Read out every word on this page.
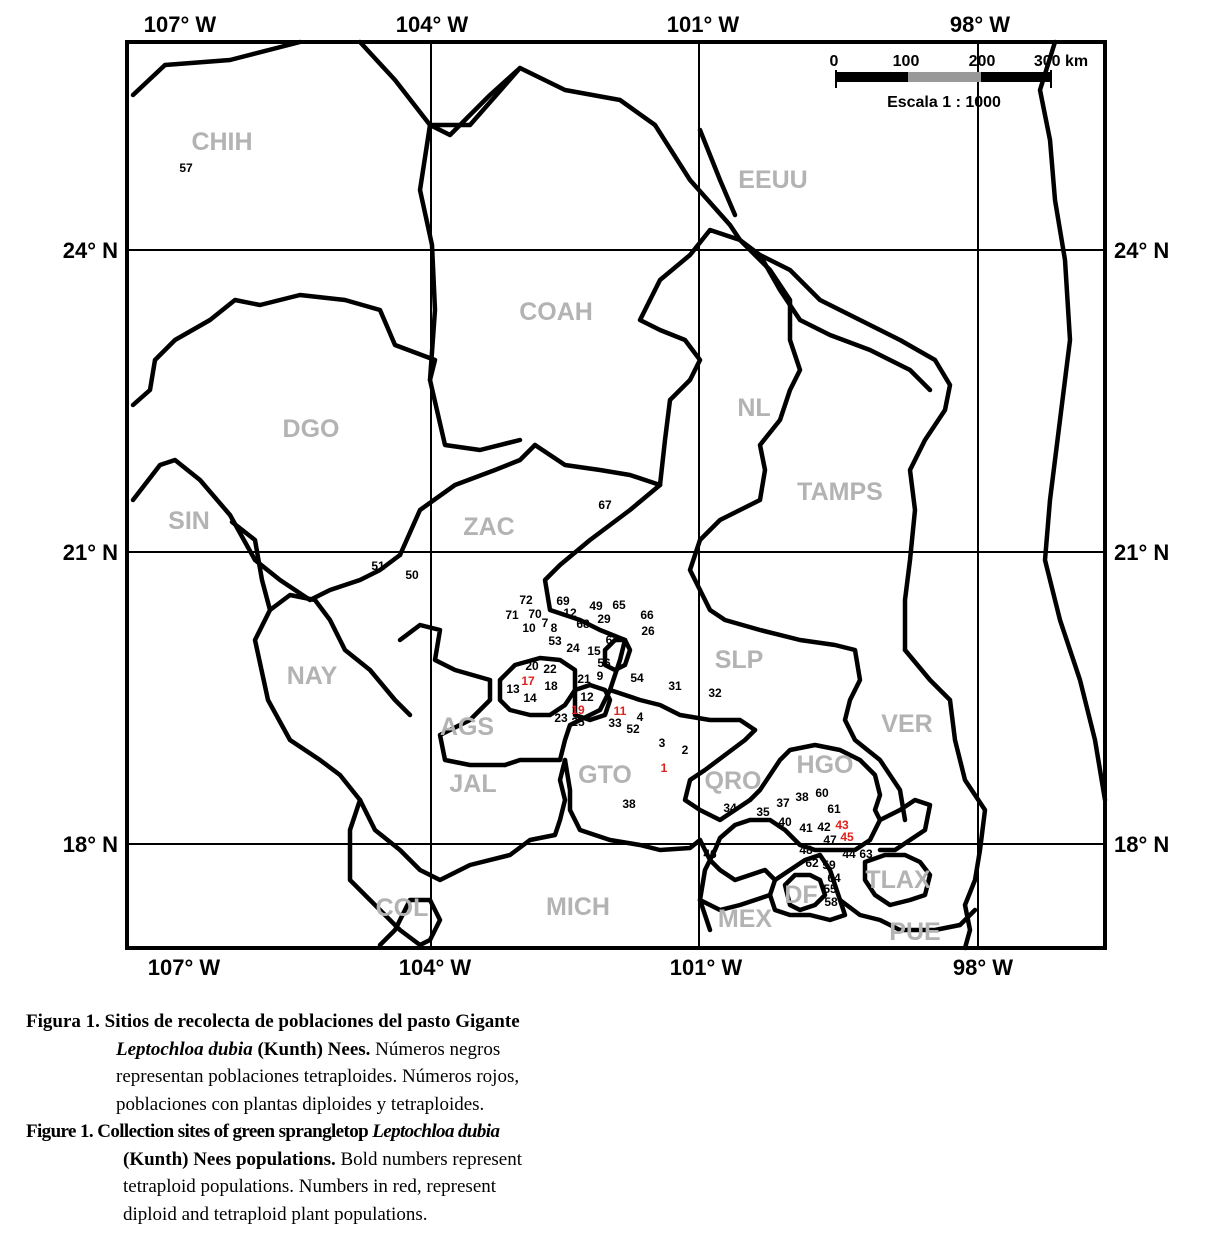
107° W	104° W	101° W	98° W
107° W	104° W	101° W	98° W
24° N
21° N
18° N
24° N
21° N
18° N
0	100	200 300 km
Escala 1 : 1000
CHIH
EEUU
COAH
DGO
NL
TAMPS
SIN	ZAC
SLP
NAY
AGS	VER
HGO
JAL	GTO	QRO
TLAX
COL	MICH	MEX
DF
PUE
57
67
51
50
72 69
71 70 12 49 65
66
10 7 8 68 29
26
53	6
24 15
20 22	56
17 18 21 9 54
31 32
13
14	12
19 11
23 25	4
33 52
3 2
1
38	37 38 60
34 35	61
40 41 42 43
47 45
46	48 44 63
62 59
64
55
58
Figura 1. Sitios de recolecta de poblaciones del pasto Gigante
Leptochloa dubia (Kunth) Nees. Números negros
representan poblaciones tetraploides. Números rojos,
poblaciones con plantas diploides y tetraploides.
Figure 1. Collection sites of green sprangletop Leptochloa dubia
(Kunth) Nees populations. Bold numbers represent
tetraploid populations. Numbers in red, represent
diploid and tetraploid plant populations.
